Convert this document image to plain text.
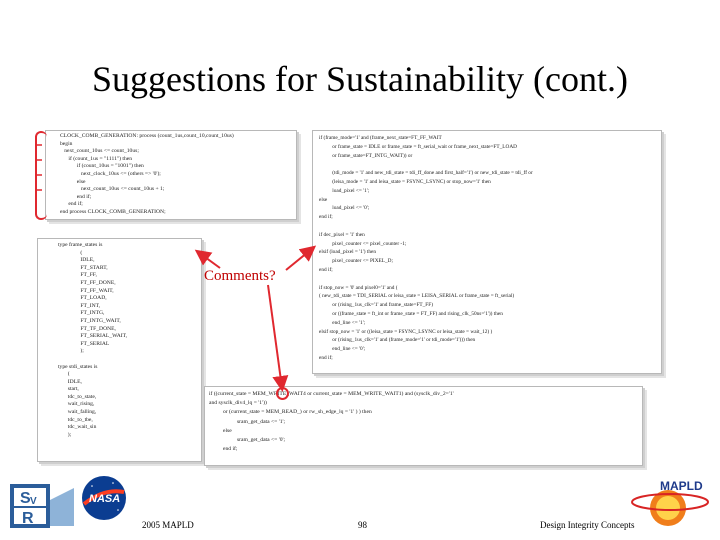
Suggestions for Sustainability (cont.)
CLOCK_COMB_GENERATION: process (count_1us,count_10,count_10us)
begin
next_count_10us <= count_10us;
if (count_1us = "1111") then
if (count_10us = "1001") then
next_clock_10us <= (others => '0');
else
next_count_10us <= count_10us + 1;
end if;
end if;
end process CLOCK_COMB_GENERATION;
type frame_states is
(
IDLE,
FT_START,
FT_FF,
FT_FF_DONE,
FT_FF_WAIT,
FT_LOAD,
FT_INT,
FT_INTG,
FT_INTG_WAIT,
FT_TF_DONE,
FT_SERIAL_WAIT,
FT_SERIAL
);

type stdi_states is
(
IDLE,
start,
tdc_to_state,
wait_rising,
wait_falling,
tdc_to_tbe,
tdc_wait_sin
);
if (frame_mode='1' and (frame_next_state=FT_FF_WAIT
or frame_state = IDLE or frame_state = ft_serial_wait or frame_next_state=FT_LOAD
or frame_state=FT_INTG_WAIT)) or

(tdi_mode = '1' and new_tdi_state = tdi_ff_done and first_half='1') or new_tdi_state = tdi_ff or
(leisa_mode = '1' and leisa_state = FSYNC_LSYNC) or stop_now='1' then
load_pixel <= '1';
else
load_pixel <= '0';
end if;

if dec_pixel = '1' then
pixel_counter <= pixel_counter -1;
elsif (load_pixel = '1') then
pixel_counter <= PIXEL_D;
end if;

if stop_now = '0' and pixel0='1' and (
( new_tdi_state = TDI_SERIAL or leisa_state = LEISA_SERIAL or frame_state = ft_serial)
or (rising_1us_clk='1' and frame_state=FT_FF)
or ((frame_state = ft_int or frame_state = FT_FF) and rising_clk_50ns='1')) then
end_line <= '1';
elsif stop_now = '1' or ((leisa_state = FSYNC_LSYNC or leisa_state = wait_12) )
or (rising_1us_clk='1' and (frame_mode='1' or tdi_mode='1'))) then
end_line <= '0';
end if;
if ((current_state = MEM_WRITE_WAIT4 or current_state = MEM_WRITE_WAIT1) and (sysclk_div_2='1'
and sysclk_div4_lq = '1'))
or (current_state = MEM_READ_) or rw_sh_edge_lq = '1' ) ) then
sram_get_data <= '1';
else
sram_get_data <= '0';
end if;
Comments?
S V
R
NASA
MAPLD
2005 MAPLD	98	Design Integrity Concepts
